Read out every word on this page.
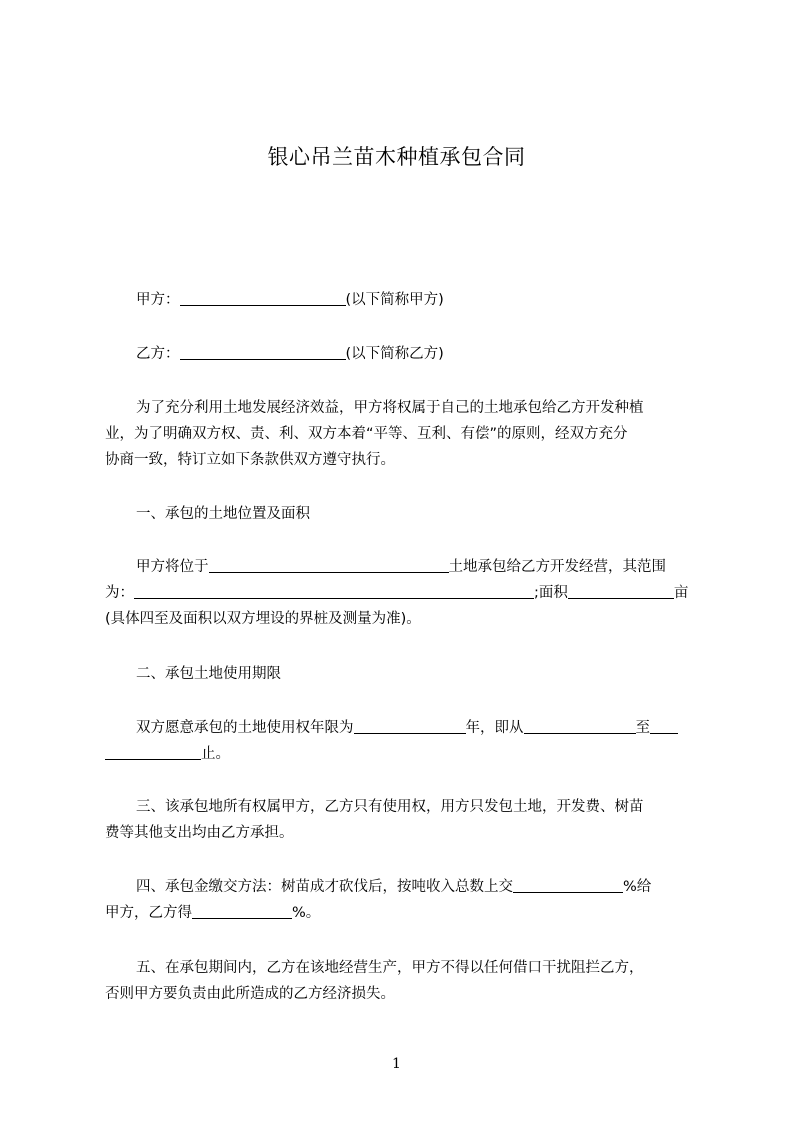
银心吊兰苗木种植承包合同
甲方：	(以下简称甲方)
乙方：	(以下简称乙方)
为了充分利用土地发展经济效益，甲方将权属于自己的土地承包给乙方开发种植
业，为了明确双方权、责、利、双方本着“平等、互利、有偿”的原则，经双方充分
协商一致，特订立如下条款供双方遵守执行。
一、承包的土地位置及面积
甲方将位于	土地承包给乙方开发经营，其范围
为：	;面积	亩
(具体四至及面积以双方埋设的界桩及测量为准)。
二、承包土地使用期限
双方愿意承包的土地使用权年限为	年，即从	至
止。
三、该承包地所有权属甲方，乙方只有使用权，用方只发包土地，开发费、树苗
费等其他支出均由乙方承担。
四、承包金缴交方法：树苗成才砍伐后，按吨收入总数上交	%给
甲方，乙方得	%。
五、在承包期间内，乙方在该地经营生产，甲方不得以任何借口干扰阻拦乙方，
否则甲方要负责由此所造成的乙方经济损失。
1
